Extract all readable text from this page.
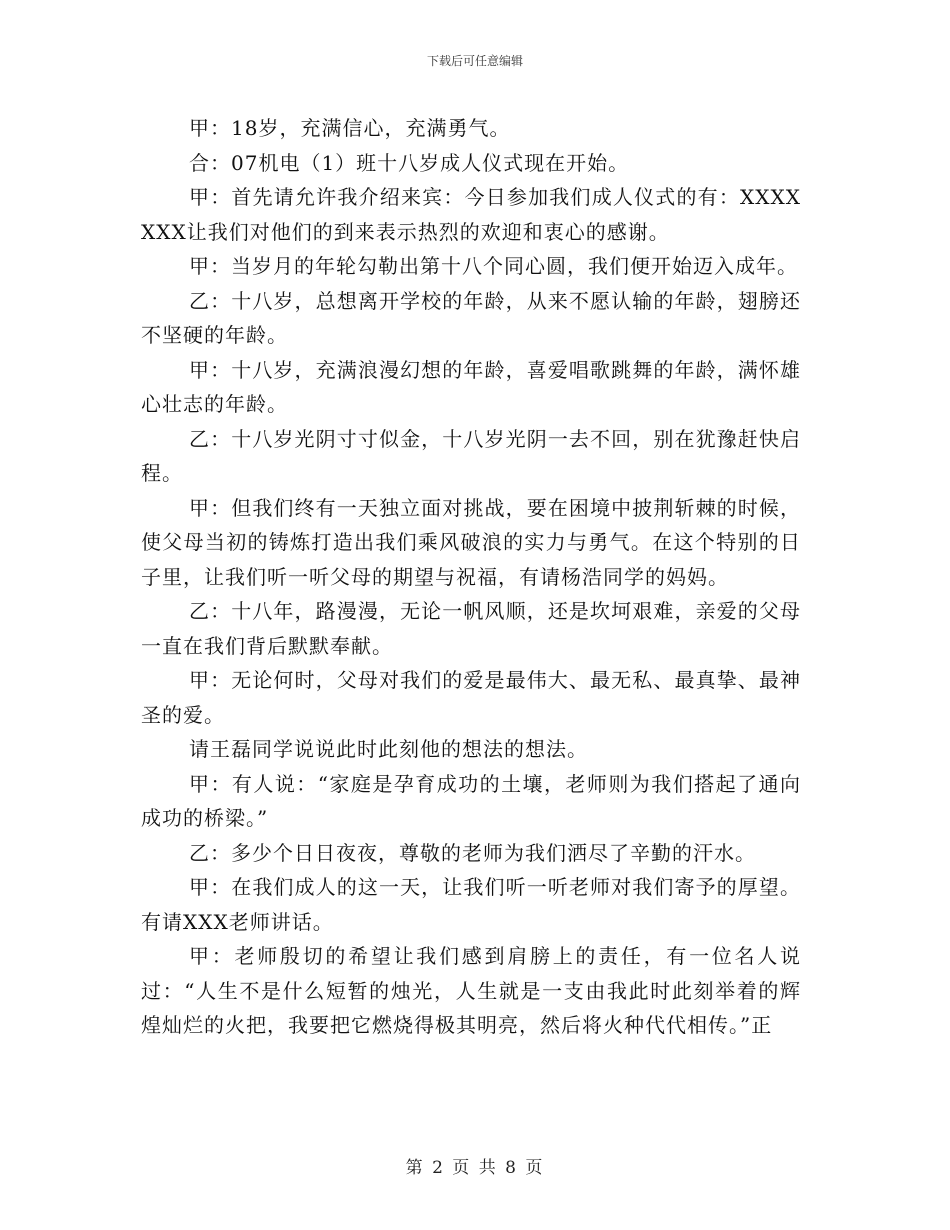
下载后可任意编辑

甲：18岁，充满信心，充满勇气。

合：07机电（1）班十八岁成人仪式现在开始。

甲：首先请允许我介绍来宾：今日参加我们成人仪式的有：XXXXXXX让我们对他们的到来表示热烈的欢迎和衷心的感谢。

甲：当岁月的年轮勾勒出第十八个同心圆，我们便开始迈入成年。

乙：十八岁，总想离开学校的年龄，从来不愿认输的年龄，翅膀还不坚硬的年龄。

甲：十八岁，充满浪漫幻想的年龄，喜爱唱歌跳舞的年龄，满怀雄心壮志的年龄。

乙：十八岁光阴寸寸似金，十八岁光阴一去不回，别在犹豫赶快启程。

甲：但我们终有一天独立面对挑战，要在困境中披荆斩棘的时候，使父母当初的铸炼打造出我们乘风破浪的实力与勇气。在这个特别的日子里，让我们听一听父母的期望与祝福，有请杨浩同学的妈妈。

乙：十八年，路漫漫，无论一帆风顺，还是坎坷艰难，亲爱的父母一直在我们背后默默奉献。

甲：无论何时，父母对我们的爱是最伟大、最无私、最真挚、最神圣的爱。

请王磊同学说说此时此刻他的想法的想法。

甲：有人说：“家庭是孕育成功的土壤，老师则为我们搭起了通向成功的桥梁。”

乙：多少个日日夜夜，尊敬的老师为我们洒尽了辛勤的汗水。

甲：在我们成人的这一天，让我们听一听老师对我们寄予的厚望。有请XXX老师讲话。

甲：老师殷切的希望让我们感到肩膀上的责任，有一位名人说过：“人生不是什么短暂的烛光，人生就是一支由我此时此刻举着的辉煌灿烂的火把，我要把它燃烧得极其明亮，然后将火种代代相传。”正

第 2 页 共 8 页
